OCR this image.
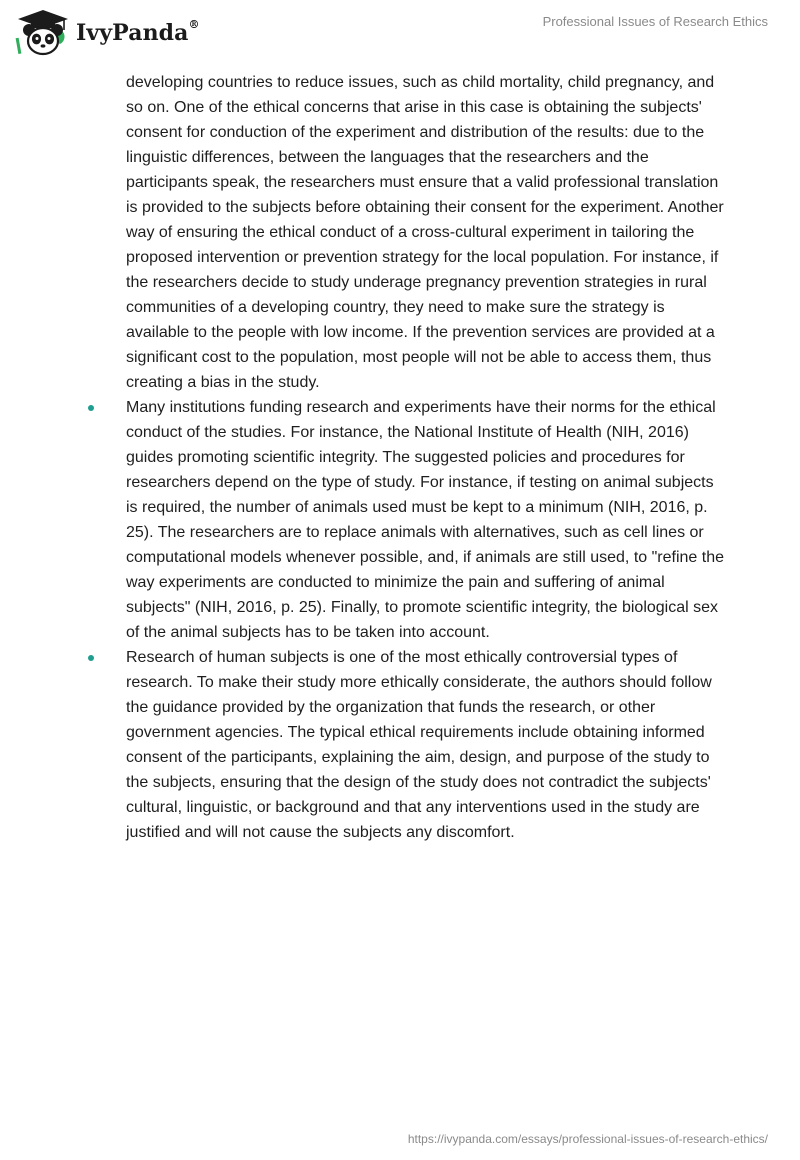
IvyPanda®	Professional Issues of Research Ethics

developing countries to reduce issues, such as child mortality, child pregnancy, and so on. One of the ethical concerns that arise in this case is obtaining the subjects' consent for conduction of the experiment and distribution of the results: due to the linguistic differences, between the languages that the researchers and the participants speak, the researchers must ensure that a valid professional translation is provided to the subjects before obtaining their consent for the experiment. Another way of ensuring the ethical conduct of a cross-cultural experiment in tailoring the proposed intervention or prevention strategy for the local population. For instance, if the researchers decide to study underage pregnancy prevention strategies in rural communities of a developing country, they need to make sure the strategy is available to the people with low income. If the prevention services are provided at a significant cost to the population, most people will not be able to access them, thus creating a bias in the study.

Many institutions funding research and experiments have their norms for the ethical conduct of the studies. For instance, the National Institute of Health (NIH, 2016) guides promoting scientific integrity. The suggested policies and procedures for researchers depend on the type of study. For instance, if testing on animal subjects is required, the number of animals used must be kept to a minimum (NIH, 2016, p. 25). The researchers are to replace animals with alternatives, such as cell lines or computational models whenever possible, and, if animals are still used, to "refine the way experiments are conducted to minimize the pain and suffering of animal subjects" (NIH, 2016, p. 25). Finally, to promote scientific integrity, the biological sex of the animal subjects has to be taken into account.
Research of human subjects is one of the most ethically controversial types of research. To make their study more ethically considerate, the authors should follow the guidance provided by the organization that funds the research, or other government agencies. The typical ethical requirements include obtaining informed consent of the participants, explaining the aim, design, and purpose of the study to the subjects, ensuring that the design of the study does not contradict the subjects' cultural, linguistic, or background and that any interventions used in the study are justified and will not cause the subjects any discomfort.
https://ivypanda.com/essays/professional-issues-of-research-ethics/
